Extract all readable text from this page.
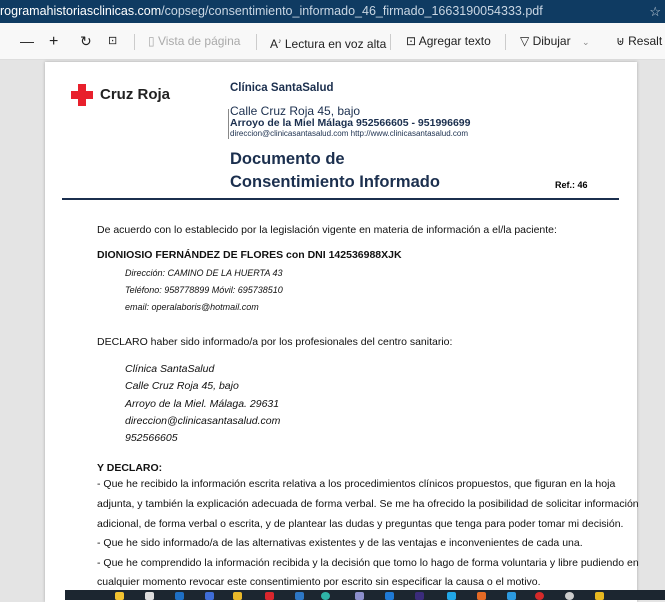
rogramahistoriasclinicas.com/copseg/consentimiento_informado_46_firmado_1663190054333.pdf	☆
— + ↻ ⊡	▯ Vista de página A♪ Lectura en voz alta ⊡ Agregar texto ▽ Dibujar ⌄ ⊎ Resalt
Cruz Roja	Clínica SantaSalud
Calle Cruz Roja 45, bajo
Arroyo de la Miel Málaga 952566605 - 951996699
direccion@clinicasantasalud.com http://www.clinicasantasalud.com
Documento de
Consentimiento Informado	Ref.: 46
De acuerdo con lo establecido por la legislación vigente en materia de información a el/la paciente:
DIONIOSIO FERNÁNDEZ DE FLORES con DNI 142536988XJK
Dirección: CAMINO DE LA HUERTA 43
Teléfono: 958778899 Móvil: 695738510
email: operalaboris@hotmail.com
DECLARO haber sido informado/a por los profesionales del centro sanitario:
Clínica SantaSalud
Calle Cruz Roja 45, bajo
Arroyo de la Miel. Málaga. 29631
direccion@clinicasantasalud.com
952566605
Y DECLARO:
- Que he recibido la información escrita relativa a los procedimientos clínicos propuestos, que figuran en la hoja
adjunta, y también la explicación adecuada de forma verbal. Se me ha ofrecido la posibilidad de solicitar información
adicional, de forma verbal o escrita, y de plantear las dudas y preguntas que tenga para poder tomar mi decisión.
- Que he sido informado/a de las alternativas existentes y de las ventajas e inconvenientes de cada una.
- Que he comprendido la información recibida y la decisión que tomo lo hago de forma voluntaria y libre pudiendo en
cualquier momento revocar este consentimiento por escrito sin especificar la causa o el motivo.
